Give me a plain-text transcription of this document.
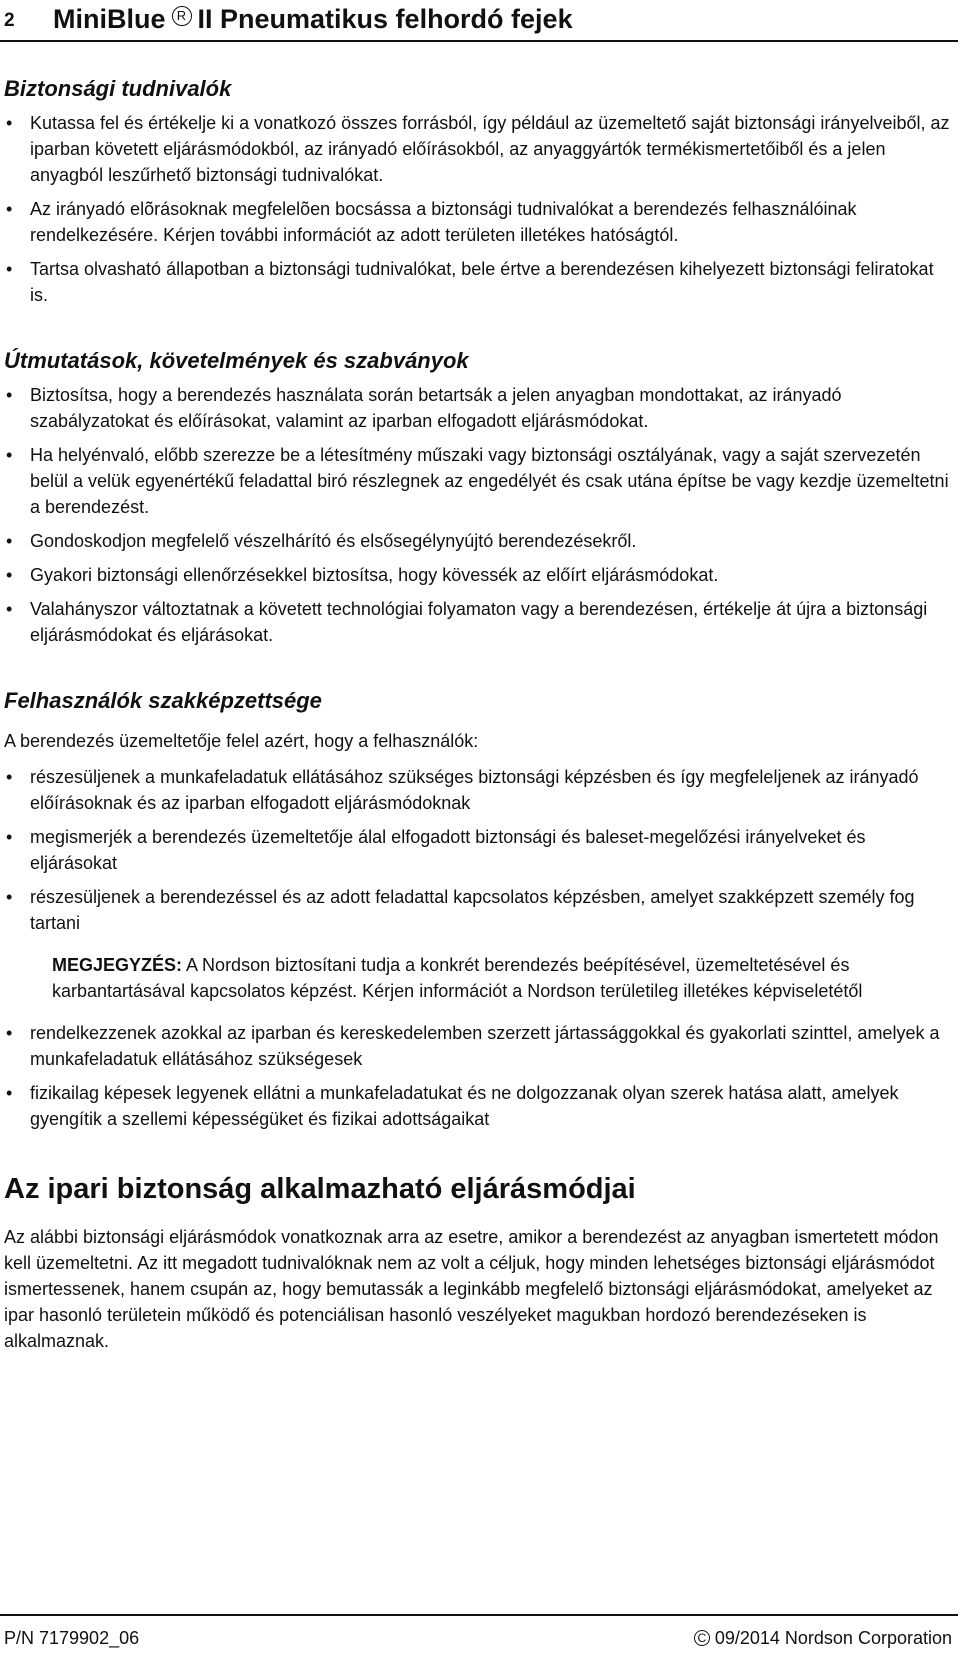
2 MiniBlue R II Pneumatikus felhordó fejek
Biztonsági tudnivalók
• Kutassa fel és értékelje ki a vonatkozó összes forrásból, így például az üzemeltető saját biztonsági irányelveiből, az iparban követett eljárásmódokból, az irányadó előírásokból, az anyaggyártók termékismertetőiből és a jelen anyagból leszűrhető biztonsági tudnivalókat.
• Az irányadó elõrásoknak megfelelõen bocsássa a biztonsági tudnivalókat a berendezés felhasználóinak rendelkezésére. Kérjen további információt az adott területen illetékes hatóságtól.
• Tartsa olvasható állapotban a biztonsági tudnivalókat, bele értve a berendezésen kihelyezett biztonsági feliratokat is.
Útmutatások, követelmények és szabványok
• Biztosítsa, hogy a berendezés használata során betartsák a jelen anyagban mondottakat, az irányadó szabályzatokat és előírásokat, valamint az iparban elfogadott eljárásmódokat.
• Ha helyénvaló, előbb szerezze be a létesítmény műszaki vagy biztonsági osztályának, vagy a saját szervezetén belül a velük egyenértékű feladattal biró részlegnek az engedélyét és csak utána építse be vagy kezdje üzemeltetni a berendezést.
• Gondoskodjon megfelelő vészelhárító és elsősegélynyújtó berendezésekről.
• Gyakori biztonsági ellenőrzésekkel biztosítsa, hogy kövessék az előírt eljárásmódokat.
• Valahányszor változtatnak a követett technológiai folyamaton vagy a berendezésen, értékelje át újra a biztonsági eljárásmódokat és eljárásokat.
Felhasználók szakképzettsége

A berendezés üzemeltetője felel azért, hogy a felhasználók:

• részesüljenek a munkafeladatuk ellátásához szükséges biztonsági képzésben és így megfeleljenek az irányadó előírásoknak és az iparban elfogadott eljárásmódoknak
• megismerjék a berendezés üzemeltetője álal elfogadott biztonsági és baleset-megelőzési irányelveket és eljárásokat
• részesüljenek a berendezéssel és az adott feladattal kapcsolatos képzésben, amelyet szakképzett személy fog tartani
MEGJEGYZÉS: A Nordson biztosítani tudja a konkrét berendezés beépítésével, üzemeltetésével és karbantartásával kapcsolatos képzést. Kérjen információt a Nordson területileg illetékes képviseletétől
• rendelkezzenek azokkal az iparban és kereskedelemben szerzett jártassággokkal és gyakorlati szinttel, amelyek a munkafeladatuk ellátásához szükségesek
• fizikailag képesek legyenek ellátni a munkafeladatukat és ne dolgozzanak olyan szerek hatása alatt, amelyek gyengítik a szellemi képességüket és fizikai adottságaikat
Az ipari biztonság alkalmazható eljárásmódjai

Az alábbi biztonsági eljárásmódok vonatkoznak arra az esetre, amikor a berendezést az anyagban ismertetett módon kell üzemeltetni. Az itt megadott tudnivalóknak nem az volt a céljuk, hogy minden lehetséges biztonsági eljárásmódot ismertessenek, hanem csupán az, hogy bemutassák a leginkább megfelelő biztonsági eljárásmódokat, amelyeket az ipar hasonló területein működő és potenciálisan hasonló veszélyeket magukban hordozó berendezéseken is alkalmaznak.

P/N 7179902_06	C 09/2014 Nordson Corporation
